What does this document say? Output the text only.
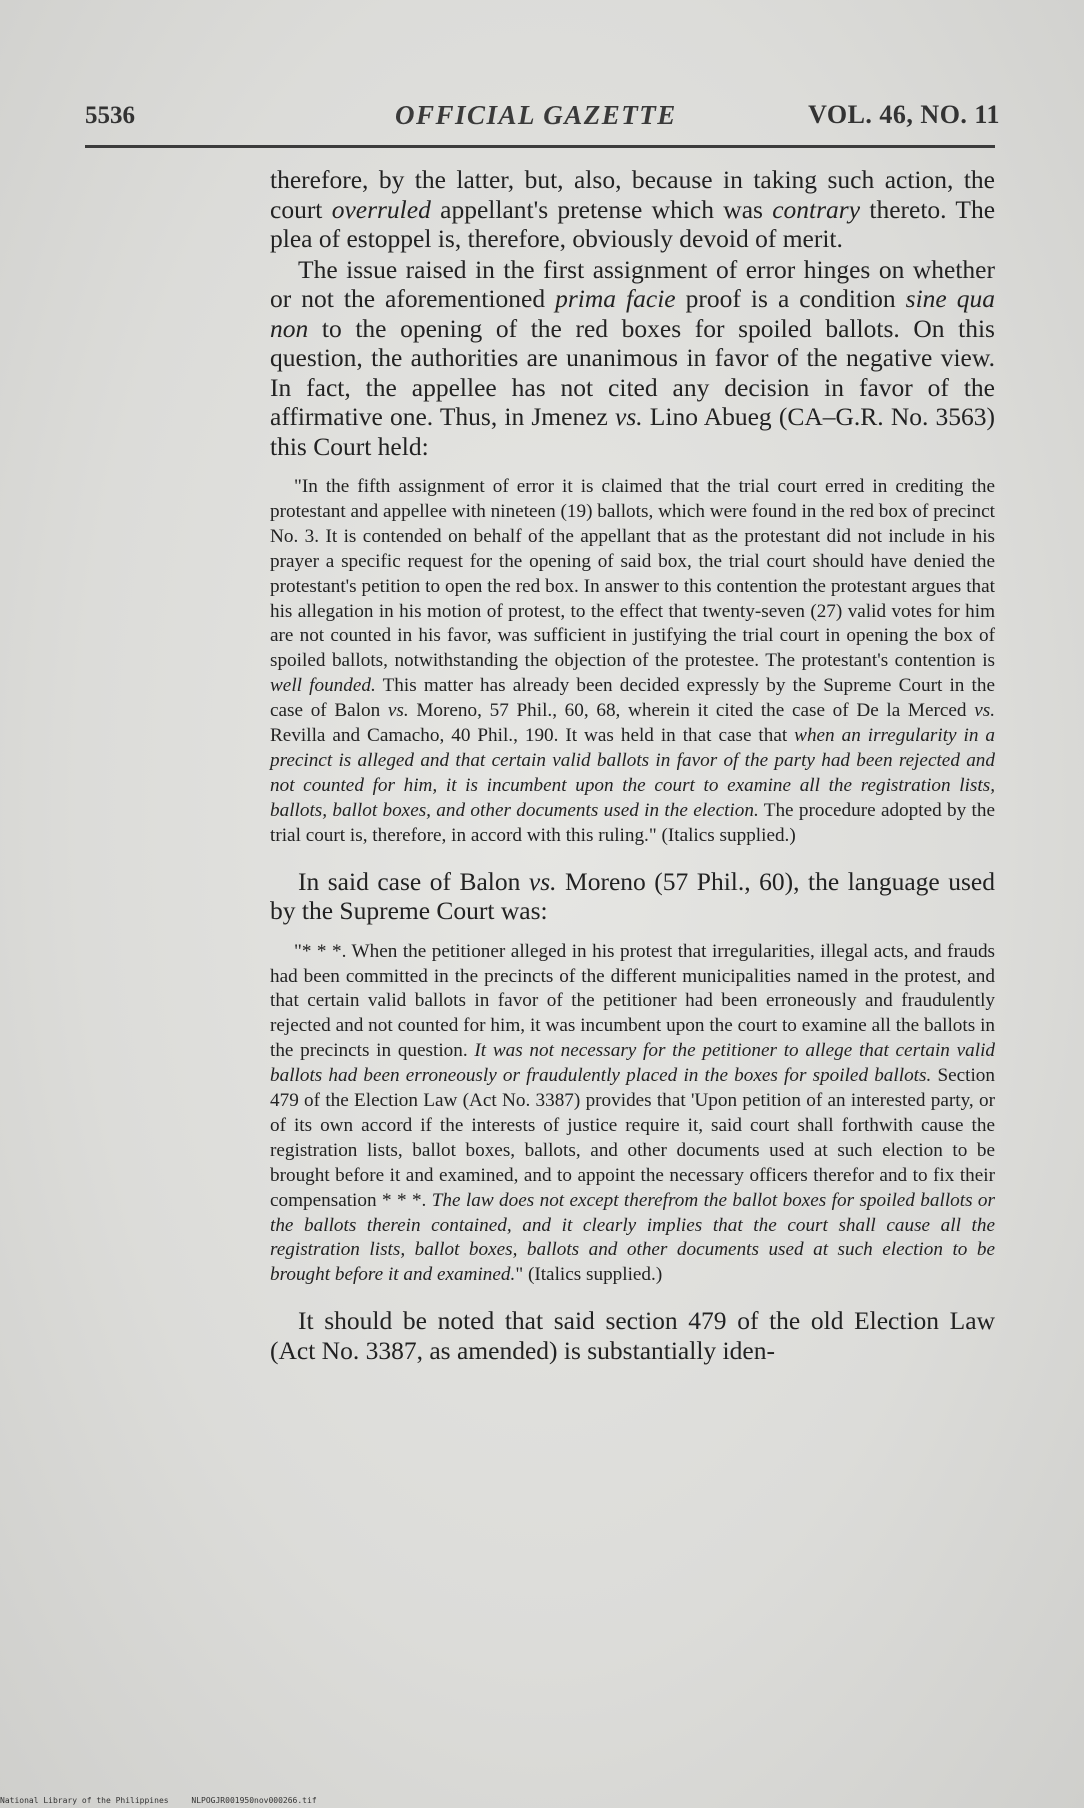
5536	OFFICIAL GAZETTE	VOL. 46, NO. 11

therefore, by the latter, but, also, because in taking such action, the court overruled appellant's pretense which was contrary thereto. The plea of estoppel is, therefore, obviously devoid of merit.

The issue raised in the first assignment of error hinges on whether or not the aforementioned prima facie proof is a condition sine qua non to the opening of the red boxes for spoiled ballots. On this question, the authorities are unanimous in favor of the negative view. In fact, the appellee has not cited any decision in favor of the affirmative one. Thus, in Jmenez vs. Lino Abueg (CA–G.R. No. 3563) this Court held:

"In the fifth assignment of error it is claimed that the trial court erred in crediting the protestant and appellee with nineteen (19) ballots, which were found in the red box of precinct No. 3. It is contended on behalf of the appellant that as the protestant did not include in his prayer a specific request for the opening of said box, the trial court should have denied the protestant's petition to open the red box. In answer to this contention the protestant argues that his allegation in his motion of protest, to the effect that twenty-seven (27) valid votes for him are not counted in his favor, was sufficient in justifying the trial court in opening the box of spoiled ballots, notwithstanding the objection of the protestee. The protestant's contention is well founded. This matter has already been decided expressly by the Supreme Court in the case of Balon vs. Moreno, 57 Phil., 60, 68, wherein it cited the case of De la Merced vs. Revilla and Camacho, 40 Phil., 190. It was held in that case that when an irregularity in a precinct is alleged and that certain valid ballots in favor of the party had been rejected and not counted for him, it is incumbent upon the court to examine all the registration lists, ballots, ballot boxes, and other documents used in the election. The procedure adopted by the trial court is, therefore, in accord with this ruling." (Italics supplied.)

In said case of Balon vs. Moreno (57 Phil., 60), the language used by the Supreme Court was:

"* * *. When the petitioner alleged in his protest that irregularities, illegal acts, and frauds had been committed in the precincts of the different municipalities named in the protest, and that certain valid ballots in favor of the petitioner had been erroneously and fraudulently rejected and not counted for him, it was incumbent upon the court to examine all the ballots in the precincts in question. It was not necessary for the petitioner to allege that certain valid ballots had been erroneously or fraudulently placed in the boxes for spoiled ballots. Section 479 of the Election Law (Act No. 3387) provides that 'Upon petition of an interested party, or of its own accord if the interests of justice require it, said court shall forthwith cause the registration lists, ballot boxes, ballots, and other documents used at such election to be brought before it and examined, and to appoint the necessary officers therefor and to fix their compensation * * *. The law does not except therefrom the ballot boxes for spoiled ballots or the ballots therein contained, and it clearly implies that the court shall cause all the registration lists, ballot boxes, ballots and other documents used at such election to be brought before it and examined." (Italics supplied.)

It should be noted that said section 479 of the old Election Law (Act No. 3387, as amended) is substantially iden-

National Library of the Philippines	NLPOGJR001950nov000266.tif
